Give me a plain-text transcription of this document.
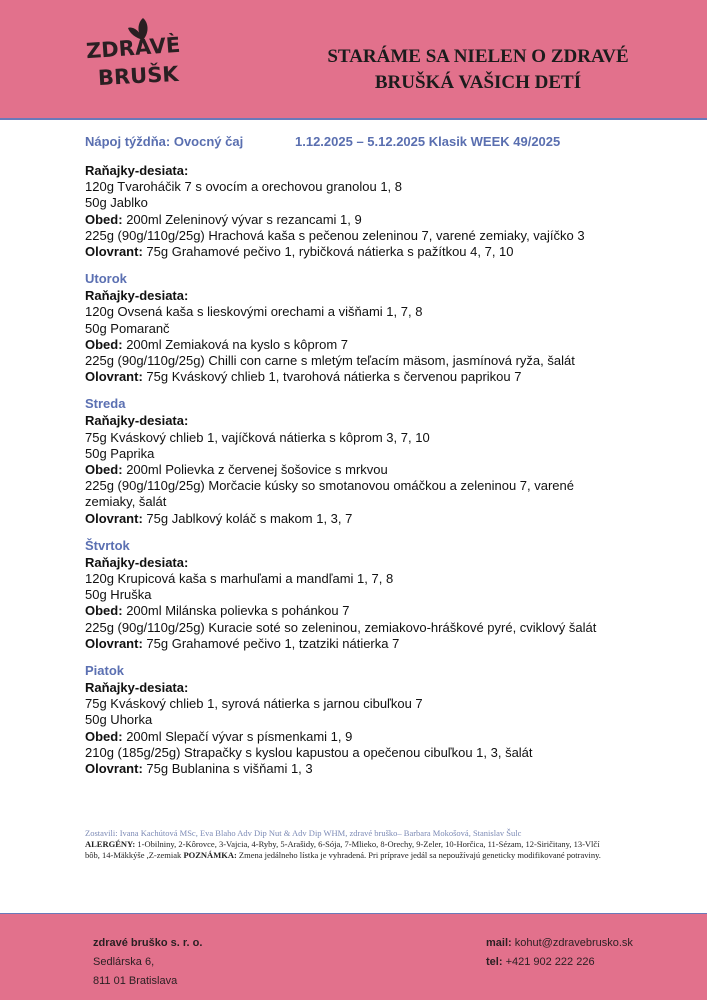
ZDRAVÈ
BRUŠK
STARÁME SA NIELEN O ZDRAVÉ
BRUŠKÁ VAŠICH DETÍ
Nápoj týždňa: Ovocný čaj	1.12.2025 – 5.12.2025 Klasik WEEK 49/2025
Raňajky-desiata:
120g Tvaroháčik 7 s ovocím a orechovou granolou 1, 8
50g Jablko
Obed: 200ml Zeleninový vývar s rezancami 1, 9
225g (90g/110g/25g) Hrachová kaša s pečenou zeleninou 7, varené zemiaky, vajíčko 3
Olovrant: 75g Grahamové pečivo 1, rybičková nátierka s pažítkou 4, 7, 10
Utorok
Raňajky-desiata:
120g Ovsená kaša s lieskovými orechami a višňami 1, 7, 8
50g Pomaranč
Obed: 200ml Zemiaková na kyslo s kôprom 7
225g (90g/110g/25g) Chilli con carne s mletým teľacím mäsom, jasmínová ryža, šalát
Olovrant: 75g Kváskový chlieb 1, tvarohová nátierka s červenou paprikou 7
Streda
Raňajky-desiata:
75g Kváskový chlieb 1, vajíčková nátierka s kôprom 3, 7, 10
50g Paprika
Obed: 200ml Polievka z červenej šošovice s mrkvou
225g (90g/110g/25g) Morčacie kúsky so smotanovou omáčkou a zeleninou 7, varené zemiaky, šalát
Olovrant: 75g Jablkový koláč s makom 1, 3, 7
Štvrtok
Raňajky-desiata:
120g Krupicová kaša s marhuľami a mandľami 1, 7, 8
50g Hruška
Obed: 200ml Milánska polievka s pohánkou 7
225g (90g/110g/25g) Kuracie soté so zeleninou, zemiakovo-hráškové pyré, cviklový šalát
Olovrant: 75g Grahamové pečivo 1, tzatziki nátierka 7
Piatok
Raňajky-desiata:
75g Kváskový chlieb 1, syrová nátierka s jarnou cibuľkou 7
50g Uhorka
Obed: 200ml Slepačí vývar s písmenkami 1, 9
210g (185g/25g) Strapačky s kyslou kapustou a opečenou cibuľkou 1, 3, šalát
Olovrant: 75g Bublanina s višňami 1, 3
Zostavili: Ivana Kachútová MSc, Eva Blaho Adv Dip Nut & Adv Dip WHM, zdravé bruško– Barbara Mokošová, Stanislav Šulc
ALERGÉNY: 1-Obilniny, 2-Kôrovce, 3-Vajcia, 4-Ryby, 5-Arašidy, 6-Sója, 7-Mlieko, 8-Orechy, 9-Zeler, 10-Horčica, 11-Sézam, 12-Siričitany, 13-Vlčí bôb, 14-Mäkkýše ,Z-zemiak POZNÁMKA: Zmena jedálneho lístka je vyhradená. Pri príprave jedál sa nepoužívajú geneticky modifikované potraviny.
zdravé bruško s. r. o.
Sedlárska 6,
811 01 Bratislava
mail: kohut@zdravebrusko.sk
tel: +421 902 222 226
